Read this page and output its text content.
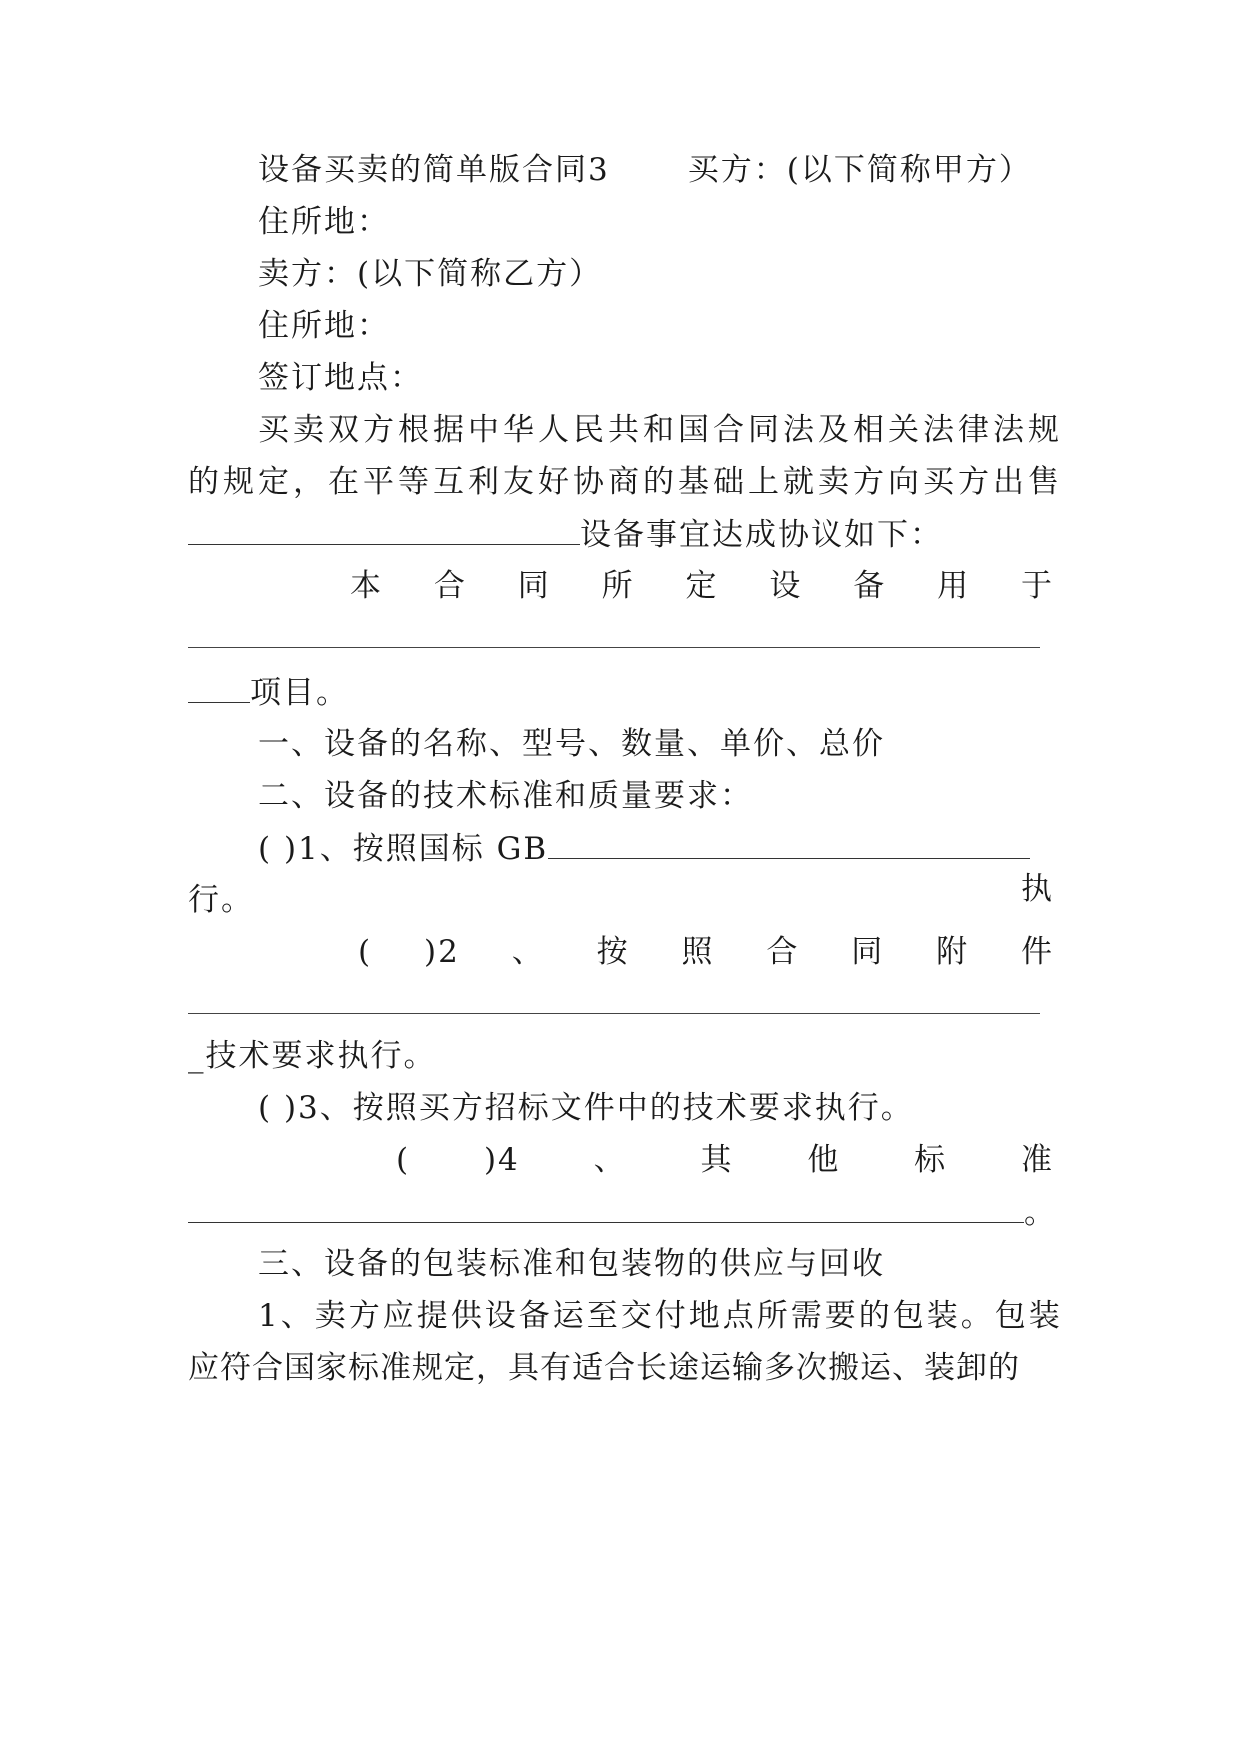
设备买卖的简单版合同3	买方：(以下简称甲方）
住所地：
卖方：(以下简称乙方）
住所地：
签订地点：
买卖双方根据中华人民共和国合同法及相关法律法规
的规定，在平等互利友好协商的基础上就卖方向买方出售
设备事宜达成协议如下：
本 合 同 所 定 设 备 用 于
项目。
一、设备的名称、型号、数量、单价、总价
二、设备的技术标准和质量要求：
( )1、按照国标 GB
执
行。
( )2 、 按 照 合 同 附 件
_技术要求执行。
( )3、按照买方招标文件中的技术要求执行。
( )4 、 其 他 标 准
。
三、设备的包装标准和包装物的供应与回收
1、卖方应提供设备运至交付地点所需要的包装。包装
应符合国家标准规定，具有适合长途运输多次搬运、装卸的
